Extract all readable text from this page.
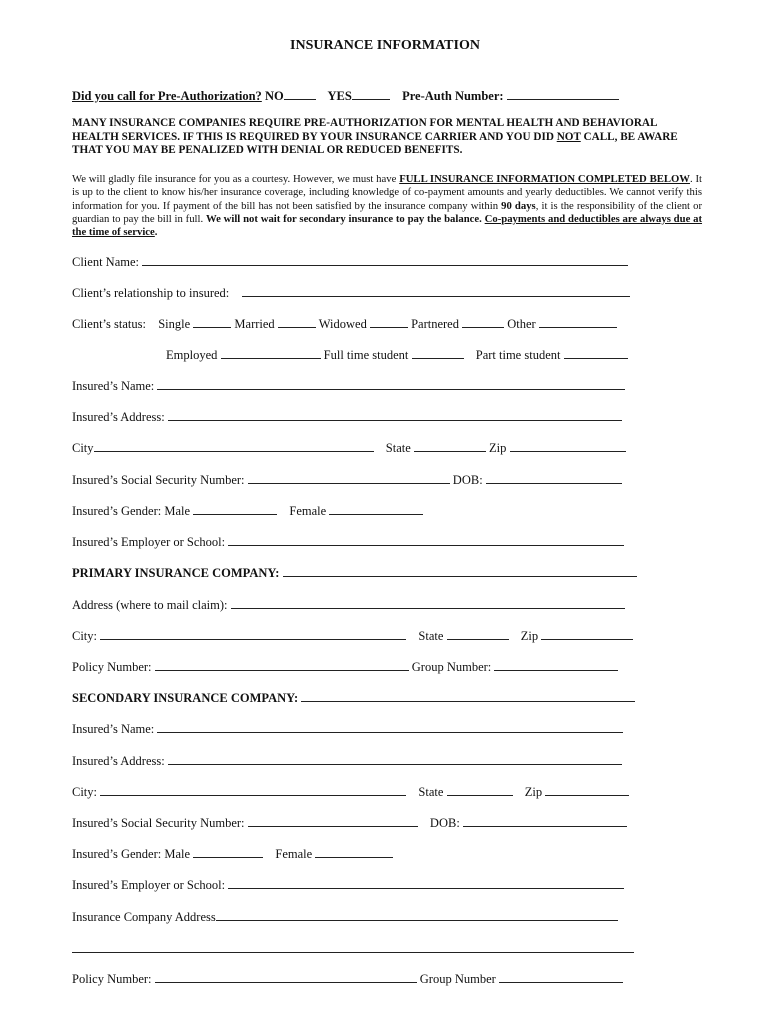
INSURANCE INFORMATION
Did you call for Pre-Authorization? NO	YES	Pre-Auth Number:
MANY INSURANCE COMPANIES REQUIRE PRE-AUTHORIZATION FOR MENTAL HEALTH AND BEHAVIORAL HEALTH SERVICES. IF THIS IS REQUIRED BY YOUR INSURANCE CARRIER AND YOU DID NOT CALL, BE AWARE THAT YOU MAY BE PENALIZED WITH DENIAL OR REDUCED BENEFITS.
We will gladly file insurance for you as a courtesy. However, we must have FULL INSURANCE INFORMATION COMPLETED BELOW. It is up to the client to know his/her insurance coverage, including knowledge of co-payment amounts and yearly deductibles. We cannot verify this information for you. If payment of the bill has not been satisfied by the insurance company within 90 days, it is the responsibility of the client or guardian to pay the bill in full. We will not wait for secondary insurance to pay the balance. Co-payments and deductibles are always due at the time of service.
Client Name:
Client’s relationship to insured:
Client’s status: Single	Married	Widowed	Partnered	Other
Employed	Full time student	Part time student
Insured’s Name:
Insured’s Address:
City	State	Zip
Insured’s Social Security Number:	DOB:
Insured’s Gender: Male	Female
Insured’s Employer or School:
PRIMARY INSURANCE COMPANY:
Address (where to mail claim):
City:	State	Zip
Policy Number:	Group Number:
SECONDARY INSURANCE COMPANY:
Insured’s Name:
Insured’s Address:
City:	State	Zip
Insured’s Social Security Number:	DOB:
Insured’s Gender: Male	Female
Insured’s Employer or School:
Insurance Company Address
Policy Number:	Group Number
